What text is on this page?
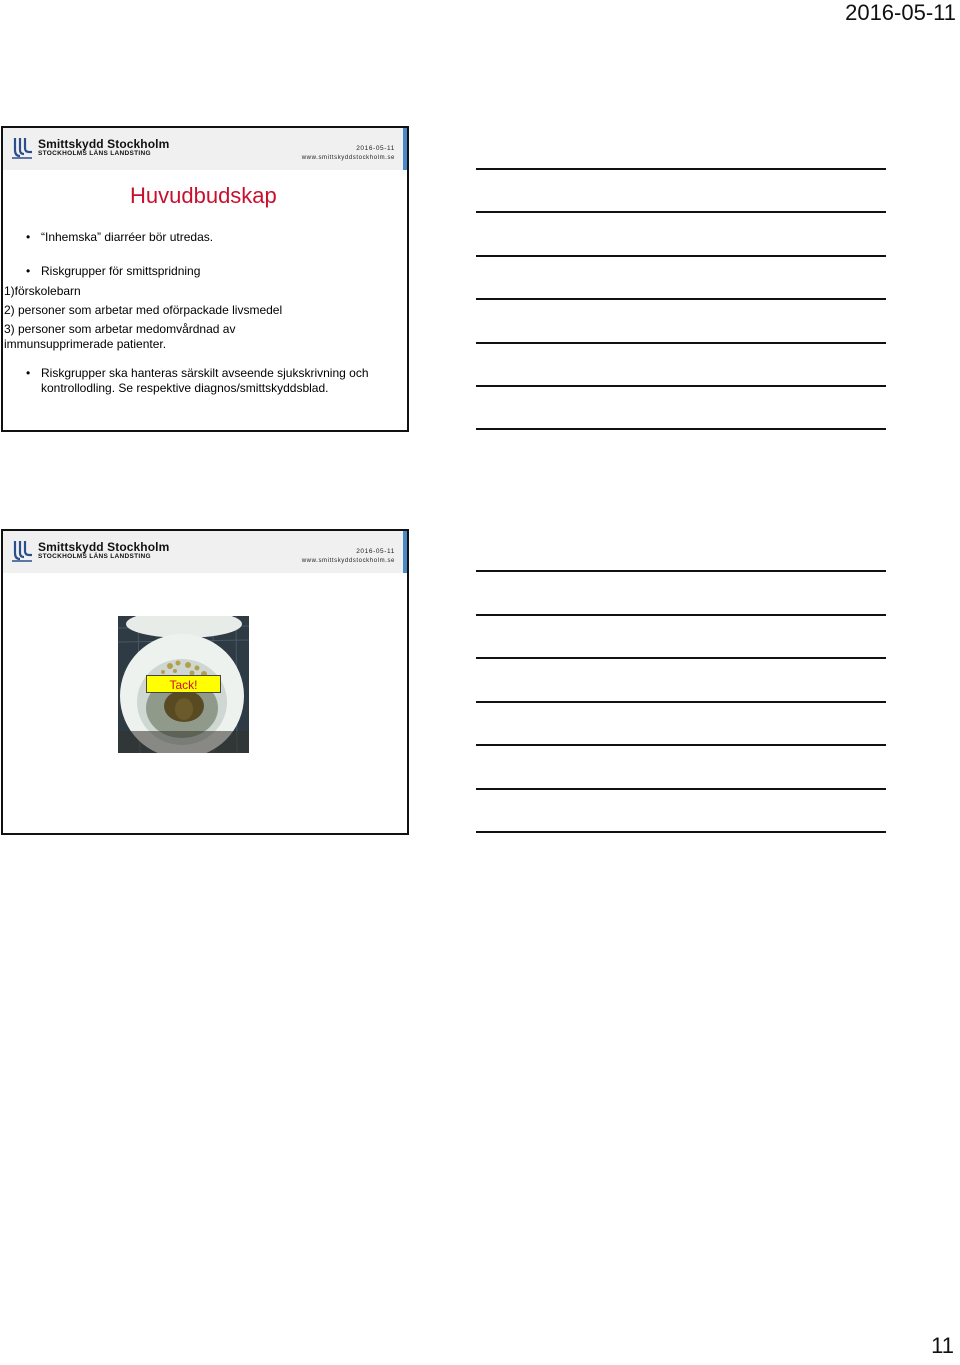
2016-05-11
Smittskydd Stockholm
STOCKHOLMS LÄNS LANDSTING
2016-05-11
www.smittskyddstockholm.se
Huvudbudskap
• “Inhemska” diarréer bör utredas.
• Riskgrupper för smittspridning
1)förskolebarn
2) personer som arbetar med oförpackade livsmedel
3) personer som arbetar medomvårdnad av immunsupprimerade patienter.
• Riskgrupper ska hanteras särskilt avseende sjukskrivning och kontrollodling. Se respektive diagnos/smittskyddsblad.
Smittskydd Stockholm
STOCKHOLMS LÄNS LANDSTING
2016-05-11
www.smittskyddstockholm.se
Tack!
11
